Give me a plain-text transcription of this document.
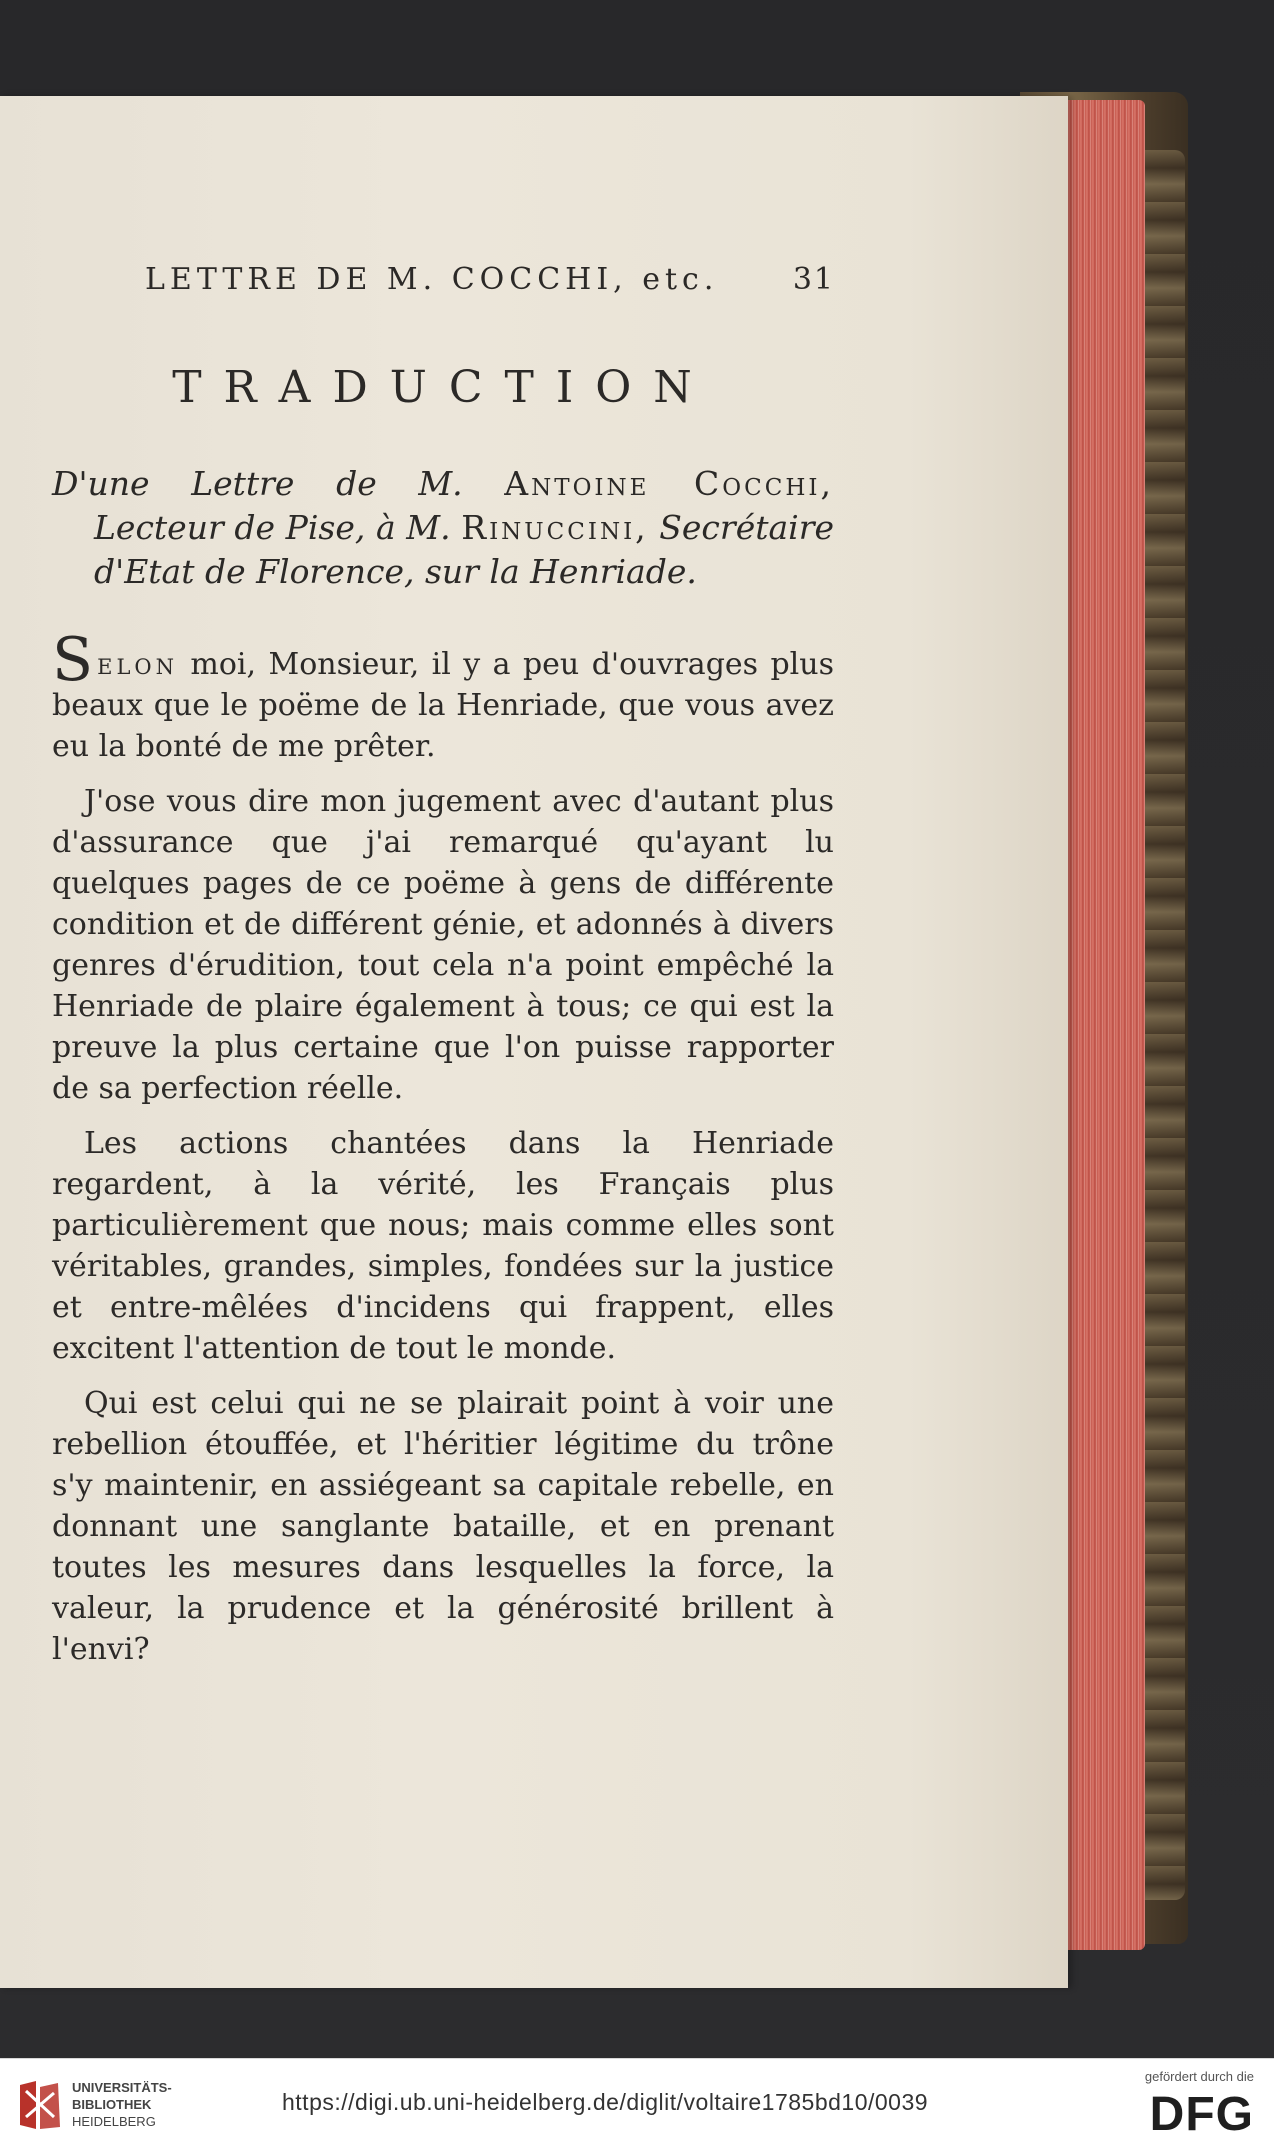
LETTRE DE M. COCCHI, etc. 31
TRADUCTION

D'une Lettre de M. Antoine Cocchi,

Lecteur de Pise, à M. Rinuccini, Secrétaire

d'Etat de Florence, sur la Henriade.

Selon moi, Monsieur, il y a peu d'ouvrages plus beaux que le poëme de la Henriade, que vous avez eu la bonté de me prêter.

J'ose vous dire mon jugement avec d'autant plus d'assurance que j'ai remarqué qu'ayant lu quelques pages de ce poëme à gens de différente condition et de différent génie, et adonnés à divers genres d'érudition, tout cela n'a point empêché la Henriade de plaire également à tous; ce qui est la preuve la plus certaine que l'on puisse rapporter de sa perfection réelle.

Les actions chantées dans la Henriade regardent, à la vérité, les Français plus particulièrement que nous; mais comme elles sont véritables, grandes, simples, fondées sur la justice et entre-mêlées d'incidens qui frappent, elles excitent l'attention de tout le monde.

Qui est celui qui ne se plairait point à voir une rebellion étouffée, et l'héritier légitime du trône s'y maintenir, en assiégeant sa capitale rebelle, en donnant une sanglante bataille, et en prenant toutes les mesures dans lesquelles la force, la valeur, la prudence et la générosité brillent à l'envi?

UNIVERSITÄTS-
BIBLIOTHEK
HEIDELBERG
https://digi.ub.uni-heidelberg.de/diglit/voltaire1785bd10/0039
gefördert durch die
DFG
